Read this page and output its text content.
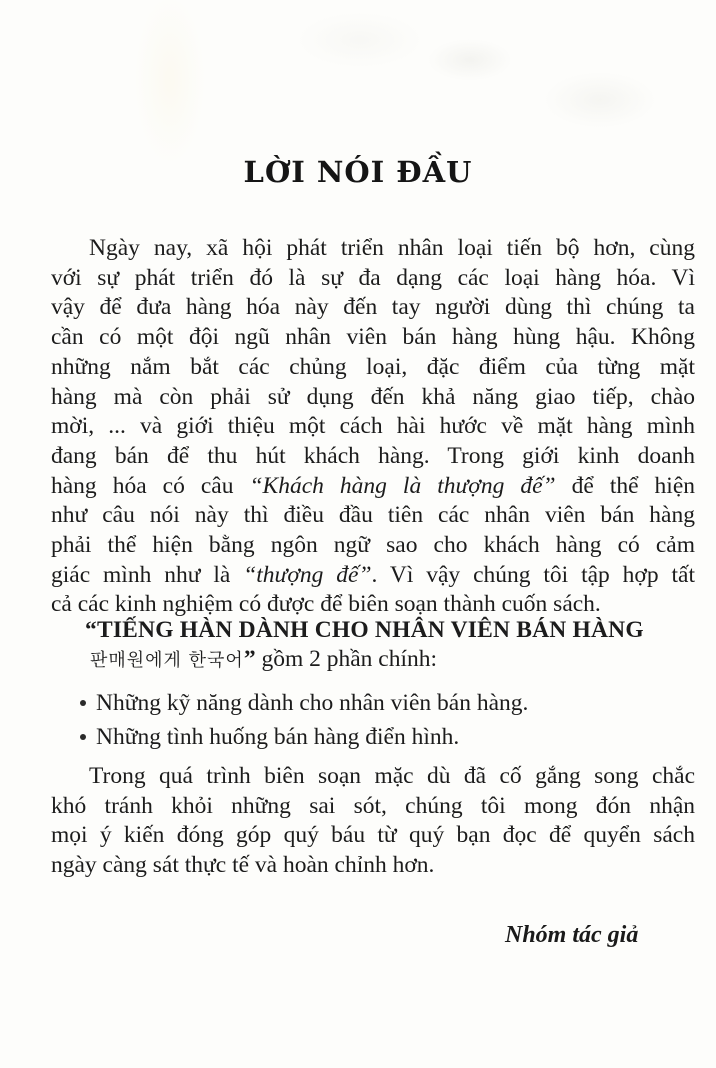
LỜI NÓI ĐẦU
Ngày nay, xã hội phát triển nhân loại tiến bộ hơn, cùng
với sự phát triển đó là sự đa dạng các loại hàng hóa. Vì
vậy để đưa hàng hóa này đến tay người dùng thì chúng ta
cần có một đội ngũ nhân viên bán hàng hùng hậu. Không
những nắm bắt các chủng loại, đặc điểm của từng mặt
hàng mà còn phải sử dụng đến khả năng giao tiếp, chào
mời, ... và giới thiệu một cách hài hước về mặt hàng mình
đang bán để thu hút khách hàng. Trong giới kinh doanh
hàng hóa có câu “Khách hàng là thượng đế” để thể hiện
như câu nói này thì điều đầu tiên các nhân viên bán hàng
phải thể hiện bằng ngôn ngữ sao cho khách hàng có cảm
giác mình như là “thượng đế”. Vì vậy chúng tôi tập hợp tất
cả các kinh nghiệm có được để biên soạn thành cuốn sách.
“TIẾNG HÀN DÀNH CHO NHÂN VIÊN BÁN HÀNG
판매원에게 한국어” gồm 2 phần chính:
Những kỹ năng dành cho nhân viên bán hàng.
Những tình huống bán hàng điển hình.
Trong quá trình biên soạn mặc dù đã cố gắng song chắc
khó tránh khỏi những sai sót, chúng tôi mong đón nhận
mọi ý kiến đóng góp quý báu từ quý bạn đọc để quyển sách
ngày càng sát thực tế và hoàn chỉnh hơn.
Nhóm tác giả
